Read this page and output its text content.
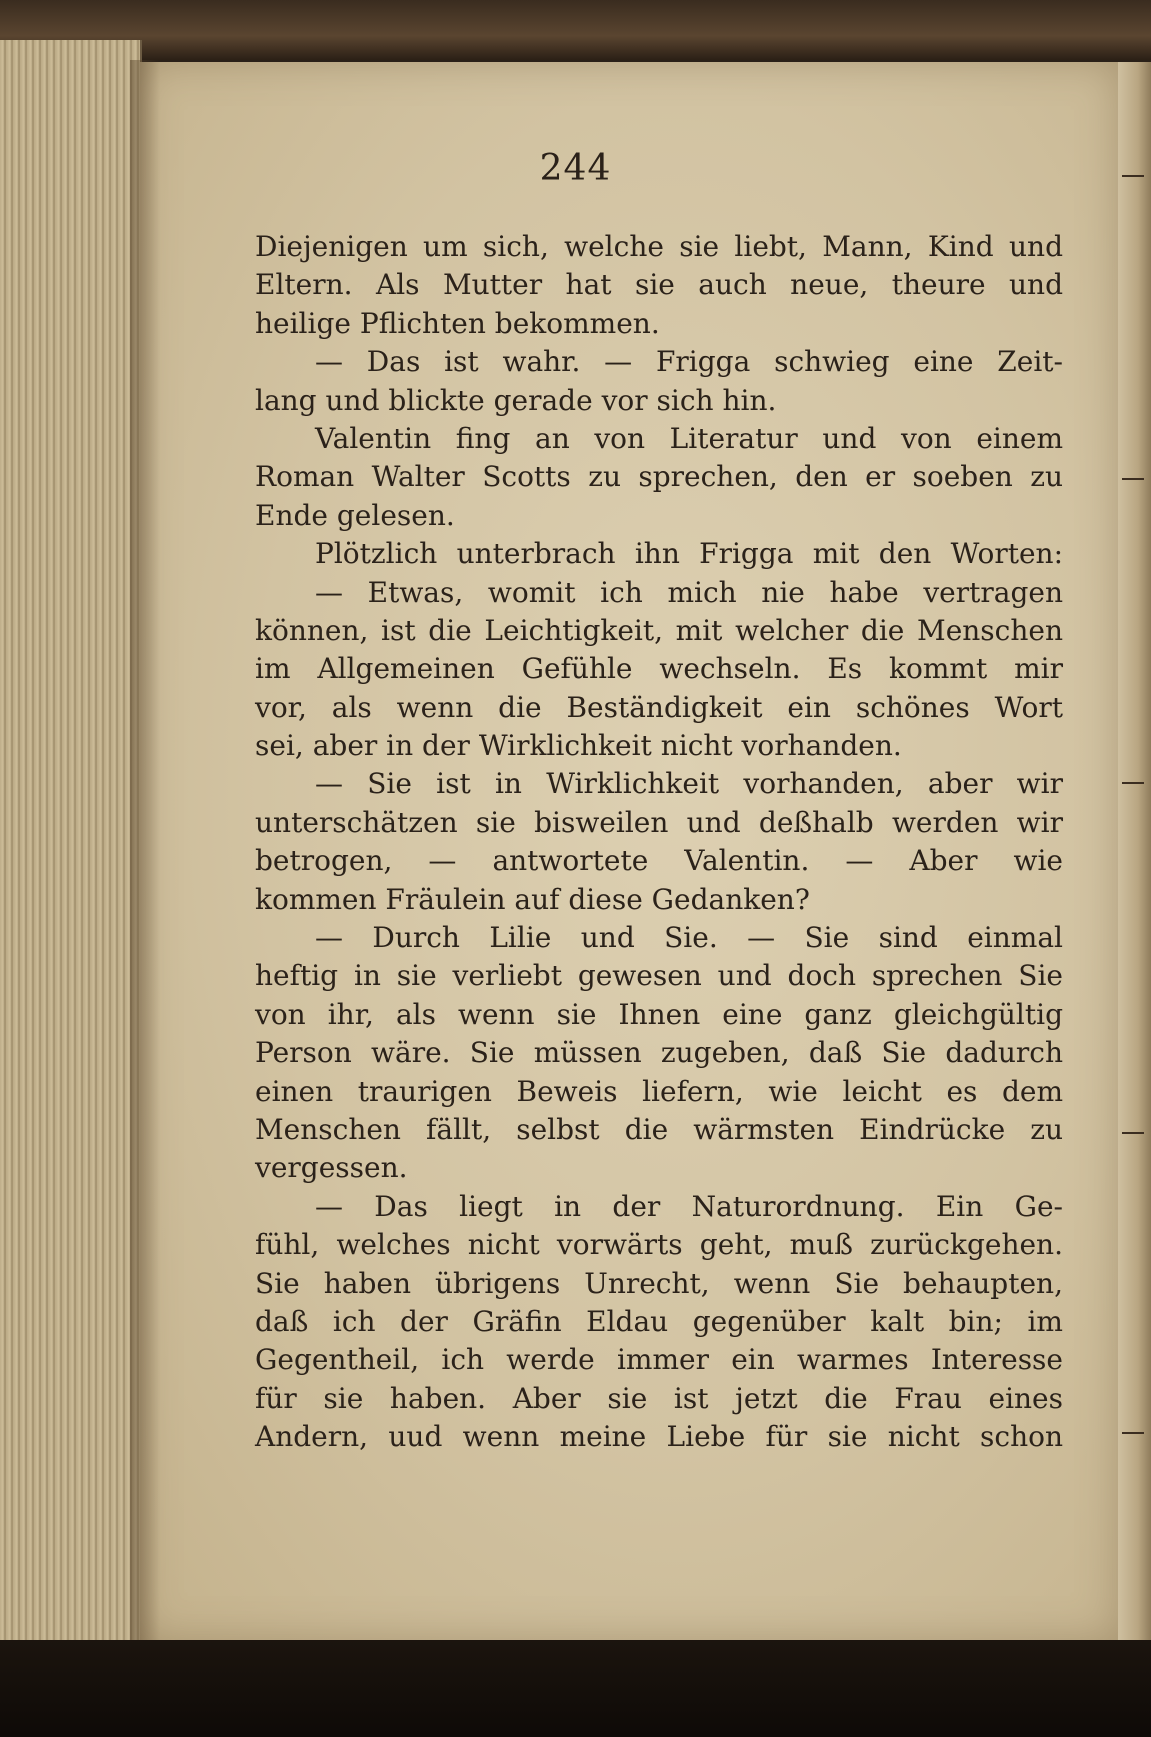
244
Diejenigen um sich, welche sie liebt, Mann, Kind und
Eltern. Als Mutter hat sie auch neue, theure und
heilige Pflichten bekommen.
— Das ist wahr. — Frigga schwieg eine Zeit-
lang und blickte gerade vor sich hin.
Valentin fing an von Literatur und von einem
Roman Walter Scotts zu sprechen, den er soeben zu
Ende gelesen.
Plötzlich unterbrach ihn Frigga mit den Worten:
— Etwas, womit ich mich nie habe vertragen
können, ist die Leichtigkeit, mit welcher die Menschen
im Allgemeinen Gefühle wechseln. Es kommt mir
vor, als wenn die Beständigkeit ein schönes Wort
sei, aber in der Wirklichkeit nicht vorhanden.
— Sie ist in Wirklichkeit vorhanden, aber wir
unterschätzen sie bisweilen und deßhalb werden wir
betrogen, — antwortete Valentin. — Aber wie
kommen Fräulein auf diese Gedanken?
— Durch Lilie und Sie. — Sie sind einmal
heftig in sie verliebt gewesen und doch sprechen Sie
von ihr, als wenn sie Ihnen eine ganz gleichgültig
Person wäre. Sie müssen zugeben, daß Sie dadurch
einen traurigen Beweis liefern, wie leicht es dem
Menschen fällt, selbst die wärmsten Eindrücke zu
vergessen.
— Das liegt in der Naturordnung. Ein Ge-
fühl, welches nicht vorwärts geht, muß zurückgehen.
Sie haben übrigens Unrecht, wenn Sie behaupten,
daß ich der Gräfin Eldau gegenüber kalt bin; im
Gegentheil, ich werde immer ein warmes Interesse
für sie haben. Aber sie ist jetzt die Frau eines
Andern, uud wenn meine Liebe für sie nicht schon
